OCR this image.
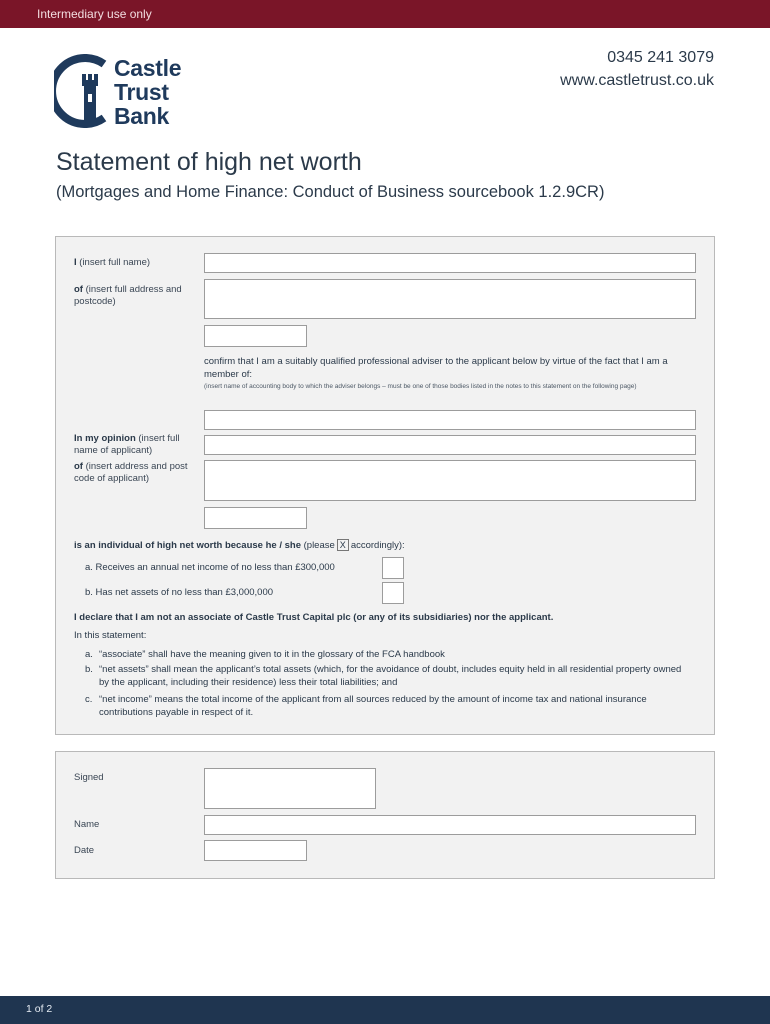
Intermediary use only
Castle
Trust
Bank
0345 241 3079
www.castletrust.co.uk
Statement of high net worth
(Mortgages and Home Finance: Conduct of Business sourcebook 1.2.9CR)
I (insert full name)
of (insert full address and postcode)
confirm that I am a suitably qualified professional adviser to the applicant below by virtue of the fact that I am a member of:
(insert name of accounting body to which the adviser belongs – must be one of those bodies listed in the notes to this statement on the following page)
In my opinion (insert full name of applicant)
of (insert address and post code of applicant)
is an individual of high net worth because he / she (please X accordingly):
a. Receives an annual net income of no less than £300,000
b. Has net assets of no less than £3,000,000
I declare that I am not an associate of Castle Trust Capital plc (or any of its subsidiaries) nor the applicant.
In this statement:
a. “associate” shall have the meaning given to it in the glossary of the FCA handbook
b. “net assets” shall mean the applicant’s total assets (which, for the avoidance of doubt, includes equity held in all residential property owned by the applicant, including their residence) less their total liabilities; and
c. “net income” means the total income of the applicant from all sources reduced by the amount of income tax and national insurance contributions payable in respect of it.
Signed
Name
Date
1 of 2
